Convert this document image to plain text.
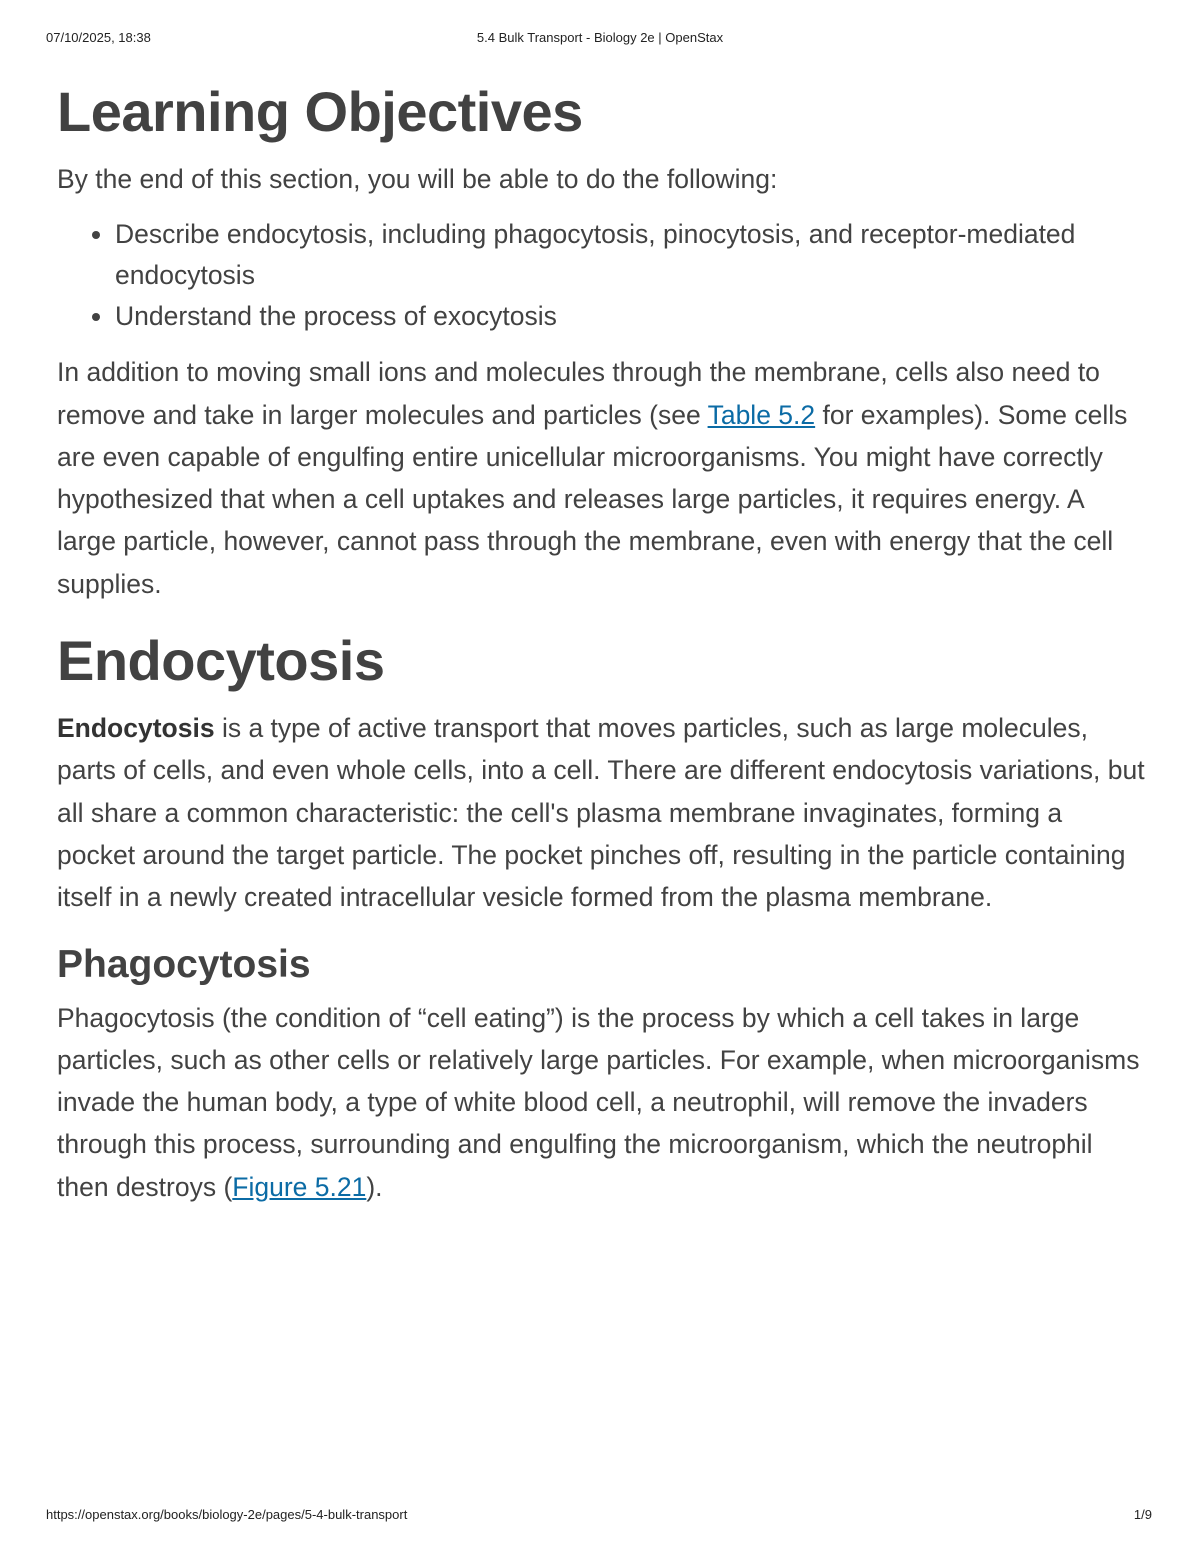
07/10/2025, 18:38	5.4 Bulk Transport - Biology 2e | OpenStax
Learning Objectives

By the end of this section, you will be able to do the following:

• Describe endocytosis, including phagocytosis, pinocytosis, and receptor-mediated endocytosis
• Understand the process of exocytosis

In addition to moving small ions and molecules through the membrane, cells also need to remove and take in larger molecules and particles (see Table 5.2 for examples). Some cells are even capable of engulfing entire unicellular microorganisms. You might have correctly hypothesized that when a cell uptakes and releases large particles, it requires energy. A large particle, however, cannot pass through the membrane, even with energy that the cell supplies.

Endocytosis

Endocytosis is a type of active transport that moves particles, such as large molecules, parts of cells, and even whole cells, into a cell. There are different endocytosis variations, but all share a common characteristic: the cell's plasma membrane invaginates, forming a pocket around the target particle. The pocket pinches off, resulting in the particle containing itself in a newly created intracellular vesicle formed from the plasma membrane.

Phagocytosis

Phagocytosis (the condition of “cell eating”) is the process by which a cell takes in large particles, such as other cells or relatively large particles. For example, when microorganisms invade the human body, a type of white blood cell, a neutrophil, will remove the invaders through this process, surrounding and engulfing the microorganism, which the neutrophil then destroys (Figure 5.21).

https://openstax.org/books/biology-2e/pages/5-4-bulk-transport	1/9
